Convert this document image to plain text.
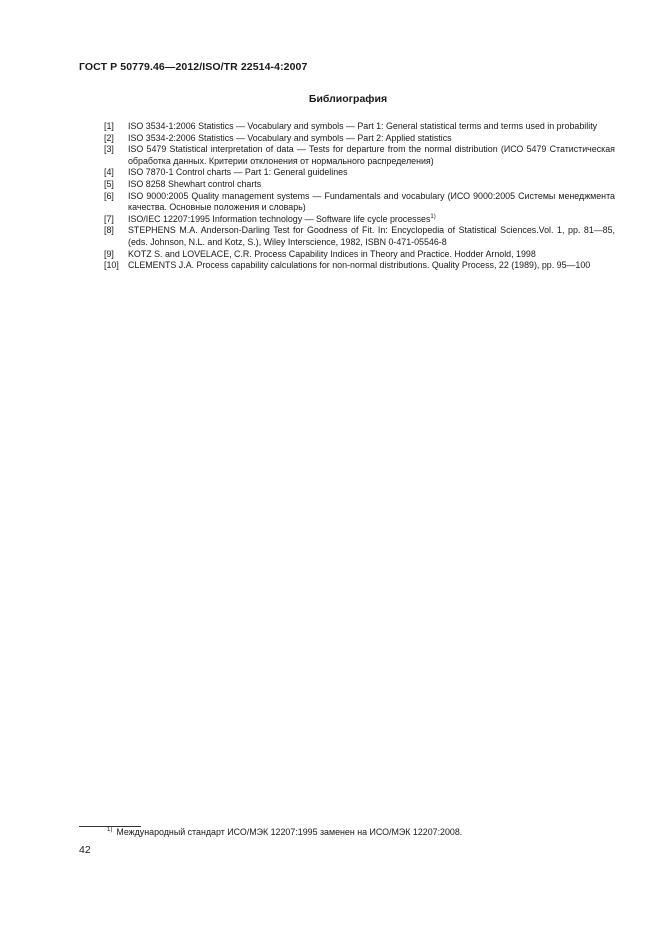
ГОСТ Р 50779.46—2012/ISO/TR 22514-4:2007
Библиография
[1]	ISO 3534-1:2006 Statistics — Vocabulary and symbols — Part 1: General statistical terms and terms used in probability
[2]	ISO 3534-2:2006 Statistics — Vocabulary and symbols — Part 2: Applied statistics
[3]	ISO 5479 Statistical interpretation of data — Tests for departure from the normal distribution (ИСО 5479 Статистическая обработка данных. Критерии отклонения от нормального распределения)
[4]	ISO 7870-1 Control charts — Part 1: General guidelines
[5]	ISO 8258 Shewhart control charts
[6]	ISO 9000:2005 Quality management systems — Fundamentals and vocabulary (ИСО 9000:2005 Системы менеджмента качества. Основные положения и словарь)
[7]	ISO/IEC 12207:1995 Information technology — Software life cycle processes$^{1)}$
[8]	STEPHENS M.A. Anderson-Darling Test for Goodness of Fit. In: Encyclopedia of Statistical Sciences.Vol. 1, pp. 81—85, (eds. Johnson, N.L. and Kotz, S.), Wiley Interscience, 1982, ISBN 0-471-05546-8
[9]	KOTZ S. and LOVELACE, C.R. Process Capability Indices in Theory and Practice. Hodder Arnold, 1998
[10]	CLEMENTS J.A. Process capability calculations for non-normal distributions. Quality Process, 22 (1989), pp. 95—100
$^{1)}$ Международный стандарт ИСО/МЭК 12207:1995 заменен на ИСО/МЭК 12207:2008.
42
